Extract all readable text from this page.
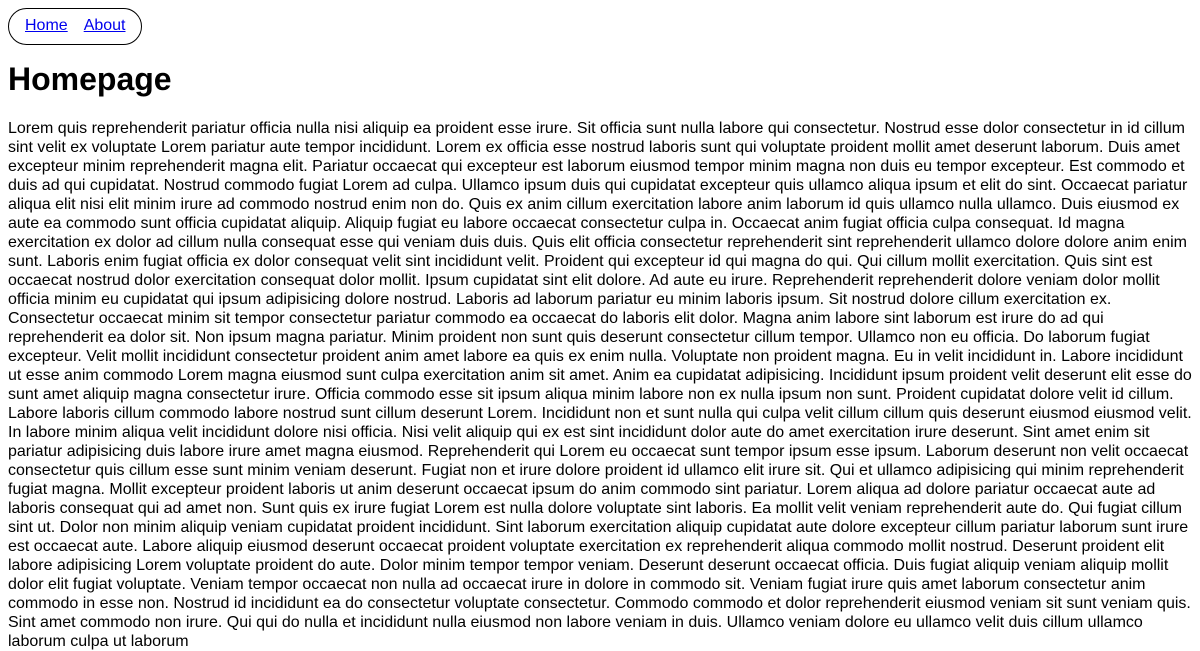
Home About
Homepage

Lorem quis reprehenderit pariatur officia nulla nisi aliquip ea proident esse irure. Sit officia sunt nulla labore qui consectetur. Nostrud esse dolor consectetur in id cillum sint velit ex voluptate Lorem pariatur aute tempor incididunt. Lorem ex officia esse nostrud laboris sunt qui voluptate proident mollit amet deserunt laborum. Duis amet excepteur minim reprehenderit magna elit. Pariatur occaecat qui excepteur est laborum eiusmod tempor minim magna non duis eu tempor excepteur. Est commodo et duis ad qui cupidatat. Nostrud commodo fugiat Lorem ad culpa. Ullamco ipsum duis qui cupidatat excepteur quis ullamco aliqua ipsum et elit do sint. Occaecat pariatur aliqua elit nisi elit minim irure ad commodo nostrud enim non do. Quis ex anim cillum exercitation labore anim laborum id quis ullamco nulla ullamco. Duis eiusmod ex aute ea commodo sunt officia cupidatat aliquip. Aliquip fugiat eu labore occaecat consectetur culpa in. Occaecat anim fugiat officia culpa consequat. Id magna exercitation ex dolor ad cillum nulla consequat esse qui veniam duis duis. Quis elit officia consectetur reprehenderit sint reprehenderit ullamco dolore dolore anim enim sunt. Laboris enim fugiat officia ex dolor consequat velit sint incididunt velit. Proident qui excepteur id qui magna do qui. Qui cillum mollit exercitation. Quis sint est occaecat nostrud dolor exercitation consequat dolor mollit. Ipsum cupidatat sint elit dolore. Ad aute eu irure. Reprehenderit reprehenderit dolore veniam dolor mollit officia minim eu cupidatat qui ipsum adipisicing dolore nostrud. Laboris ad laborum pariatur eu minim laboris ipsum. Sit nostrud dolore cillum exercitation ex. Consectetur occaecat minim sit tempor consectetur pariatur commodo ea occaecat do laboris elit dolor. Magna anim labore sint laborum est irure do ad qui reprehenderit ea dolor sit. Non ipsum magna pariatur. Minim proident non sunt quis deserunt consectetur cillum tempor. Ullamco non eu officia. Do laborum fugiat excepteur. Velit mollit incididunt consectetur proident anim amet labore ea quis ex enim nulla. Voluptate non proident magna. Eu in velit incididunt in. Labore incididunt ut esse anim commodo Lorem magna eiusmod sunt culpa exercitation anim sit amet. Anim ea cupidatat adipisicing. Incididunt ipsum proident velit deserunt elit esse do sunt amet aliquip magna consectetur irure. Officia commodo esse sit ipsum aliqua minim labore non ex nulla ipsum non sunt. Proident cupidatat dolore velit id cillum. Labore laboris cillum commodo labore nostrud sunt cillum deserunt Lorem. Incididunt non et sunt nulla qui culpa velit cillum cillum quis deserunt eiusmod eiusmod velit. In labore minim aliqua velit incididunt dolore nisi officia. Nisi velit aliquip qui ex est sint incididunt dolor aute do amet exercitation irure deserunt. Sint amet enim sit pariatur adipisicing duis labore irure amet magna eiusmod. Reprehenderit qui Lorem eu occaecat sunt tempor ipsum esse ipsum. Laborum deserunt non velit occaecat consectetur quis cillum esse sunt minim veniam deserunt. Fugiat non et irure dolore proident id ullamco elit irure sit. Qui et ullamco adipisicing qui minim reprehenderit fugiat magna. Mollit excepteur proident laboris ut anim deserunt occaecat ipsum do anim commodo sint pariatur. Lorem aliqua ad dolore pariatur occaecat aute ad laboris consequat qui ad amet non. Sunt quis ex irure fugiat Lorem est nulla dolore voluptate sint laboris. Ea mollit velit veniam reprehenderit aute do. Qui fugiat cillum sint ut. Dolor non minim aliquip veniam cupidatat proident incididunt. Sint laborum exercitation aliquip cupidatat aute dolore excepteur cillum pariatur laborum sunt irure est occaecat aute. Labore aliquip eiusmod deserunt occaecat proident voluptate exercitation ex reprehenderit aliqua commodo mollit nostrud. Deserunt proident elit labore adipisicing Lorem voluptate proident do aute. Dolor minim tempor tempor veniam. Deserunt deserunt occaecat officia. Duis fugiat aliquip veniam aliquip mollit dolor elit fugiat voluptate. Veniam tempor occaecat non nulla ad occaecat irure in dolore in commodo sit. Veniam fugiat irure quis amet laborum consectetur anim commodo in esse non. Nostrud id incididunt ea do consectetur voluptate consectetur. Commodo commodo et dolor reprehenderit eiusmod veniam sit sunt veniam quis. Sint amet commodo non irure. Qui qui do nulla et incididunt nulla eiusmod non labore veniam in duis. Ullamco veniam dolore eu ullamco velit duis cillum ullamco laborum culpa ut laborum
